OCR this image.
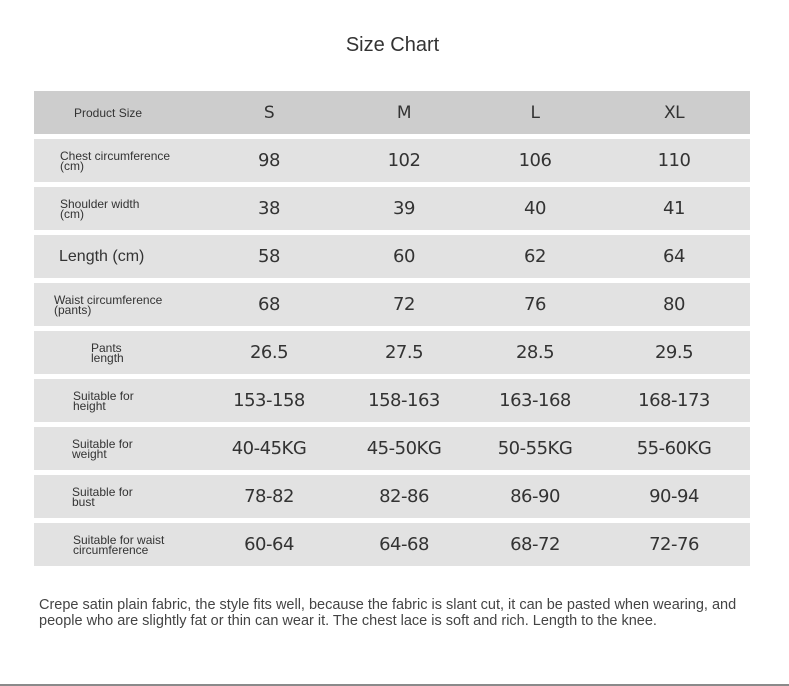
Size Chart
Product Size	S	M	L	XL
Chest circumference
(cm)	98	102	106	110
Shoulder width
(cm)	38	39	40	41
Length (cm)	58	60	62	64
Waist circumference
(pants)	68	72	76	80
Pants
length	26.5	27.5	28.5	29.5
Suitable for
height	153-158	158-163	163-168	168-173
Suitable for
weight	40-45KG	45-50KG	50-55KG	55-60KG
Suitable for
bust	78-82	82-86	86-90	90-94
Suitable for waist
circumference	60-64	64-68	68-72	72-76
Crepe satin plain fabric, the style fits well, because the fabric is slant cut, it can be pasted when wearing, and people who are slightly fat or thin can wear it. The chest lace is soft and rich. Length to the knee.
